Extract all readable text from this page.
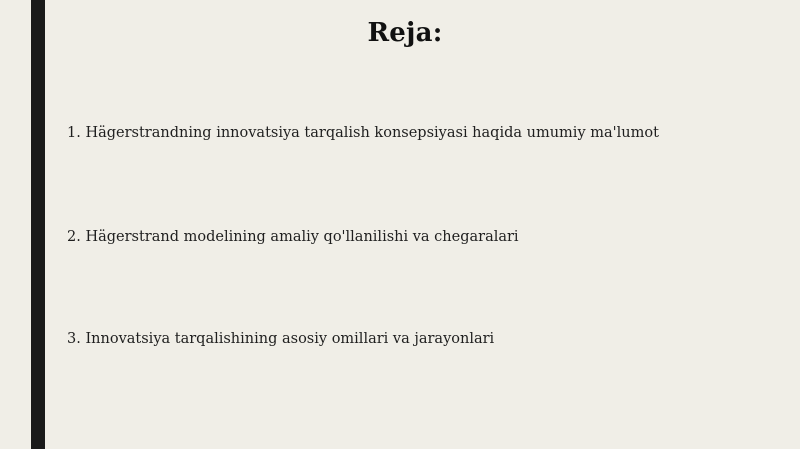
Reja:
1. Hägerstrandning innovatsiya tarqalish konsepsiyasi haqida umumiy ma'lumot
2. Hägerstrand modelining amaliy qo'llanilishi va chegaralari
3. Innovatsiya tarqalishining asosiy omillari va jarayonlari
